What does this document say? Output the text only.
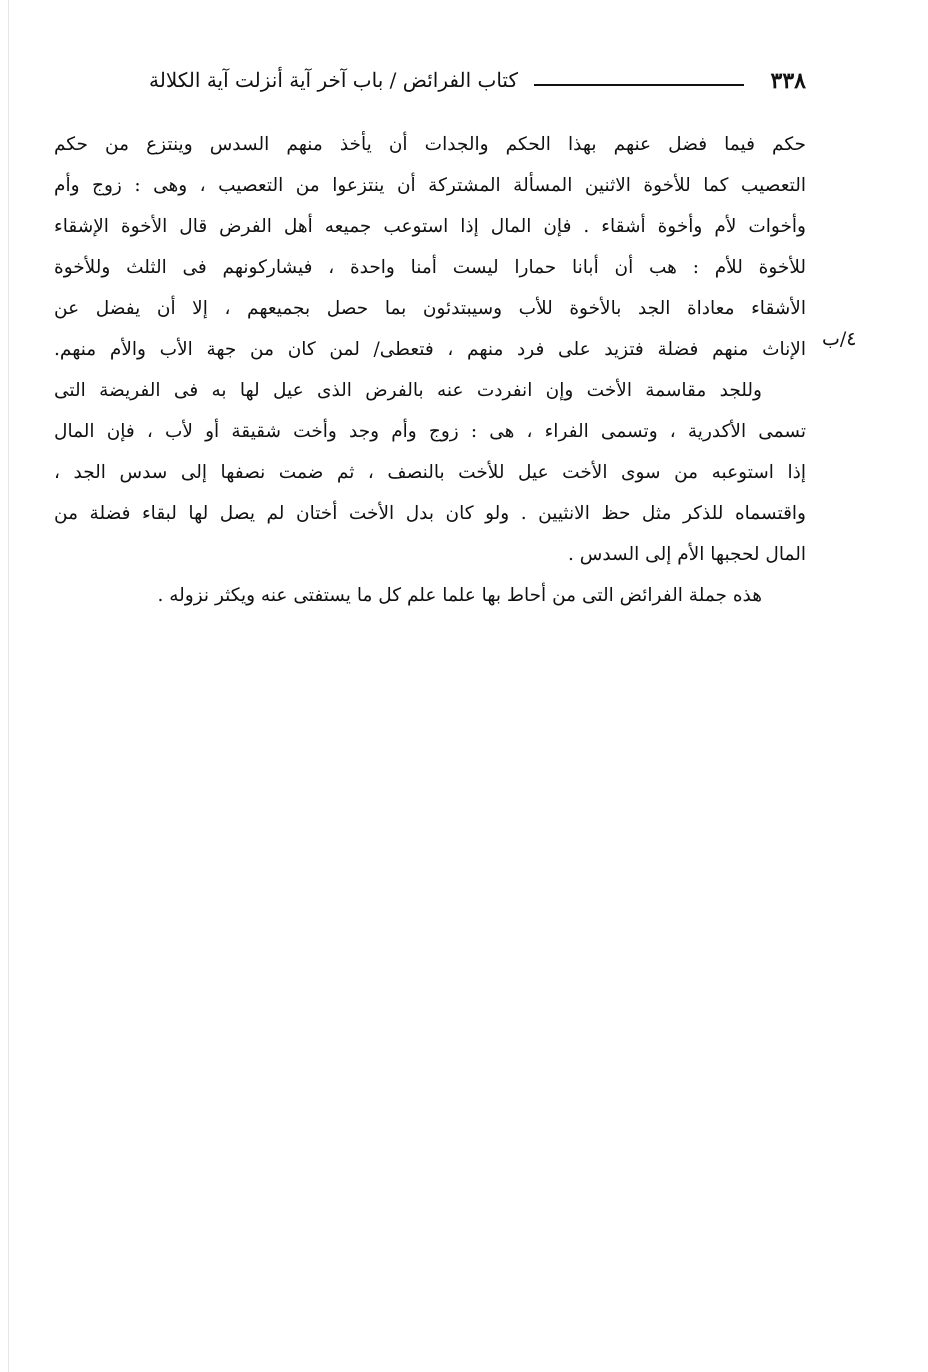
٣٣٨
كتاب الفرائض / باب آخر آية أنزلت آية الكلالة
٤/ب
حكم فيما فضل عنهم بهذا الحكم والجدات أن يأخذ منهم السدس وينتزع من حكم
التعصيب كما للأخوة الاثنين المسألة المشتركة أن ينتزعوا من التعصيب ، وهى : زوج وأم
وأخوات لأم وأخوة أشقاء . فإن المال إذا استوعب جميعه أهل الفرض قال الأخوة الإشقاء
للأخوة للأم : هب أن أبانا حمارا ليست أمنا واحدة ، فيشاركونهم فى الثلث وللأخوة
الأشقاء معاداة الجد بالأخوة للأب وسيبتدئون بما حصل بجميعهم ، إلا أن يفضل عن
الإناث منهم فضلة فتزيد على فرد منهم ، فتعطى/ لمن كان من جهة الأب والأم منهم.
وللجد مقاسمة الأخت وإن انفردت عنه بالفرض الذى عيل لها به فى الفريضة التى
تسمى الأكدرية ، وتسمى الفراء ، هى : زوج وأم وجد وأخت شقيقة أو لأب ، فإن المال
إذا استوعبه من سوى الأخت عيل للأخت بالنصف ، ثم ضمت نصفها إلى سدس الجد ،
واقتسماه للذكر مثل حظ الانثيين . ولو كان بدل الأخت أختان لم يصل لها لبقاء فضلة من
المال لحجبها الأم إلى السدس .
هذه جملة الفرائض التى من أحاط بها علما علم كل ما يستفتى عنه ويكثر نزوله .
